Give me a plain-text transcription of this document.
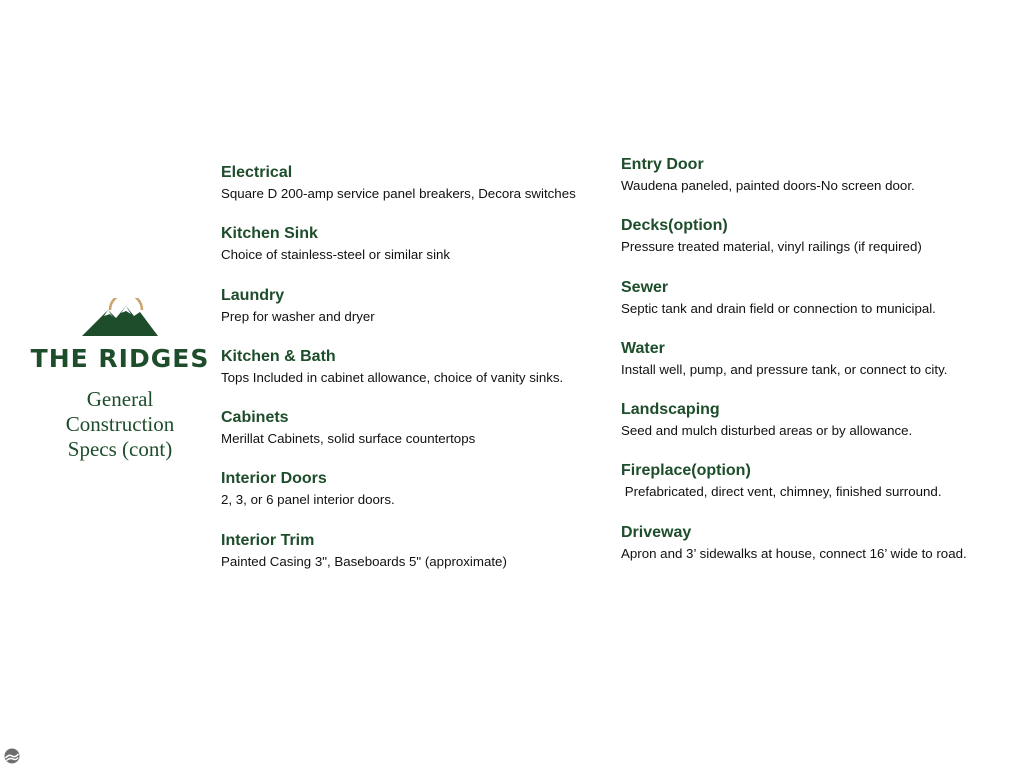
THE RIDGES
General
Construction
Specs (cont)
Electrical
Square D 200-amp service panel breakers, Decora switches
Kitchen Sink
Choice of stainless-steel or similar sink
Laundry
Prep for washer and dryer
Kitchen & Bath
Tops Included in cabinet allowance, choice of vanity sinks.
Cabinets
Merillat Cabinets, solid surface countertops
Interior Doors
2, 3, or 6 panel interior doors.
Interior Trim
Painted Casing 3", Baseboards 5" (approximate)
Entry Door
Waudena paneled, painted doors-No screen door.
Decks(option)
Pressure treated material, vinyl railings (if required)
Sewer
Septic tank and drain field or connection to municipal.
Water
Install well, pump, and pressure tank, or connect to city.
Landscaping
Seed and mulch disturbed areas or by allowance.
Fireplace(option)
Prefabricated, direct vent, chimney, finished surround.
Driveway
Apron and 3’ sidewalks at house, connect 16’ wide to road.
